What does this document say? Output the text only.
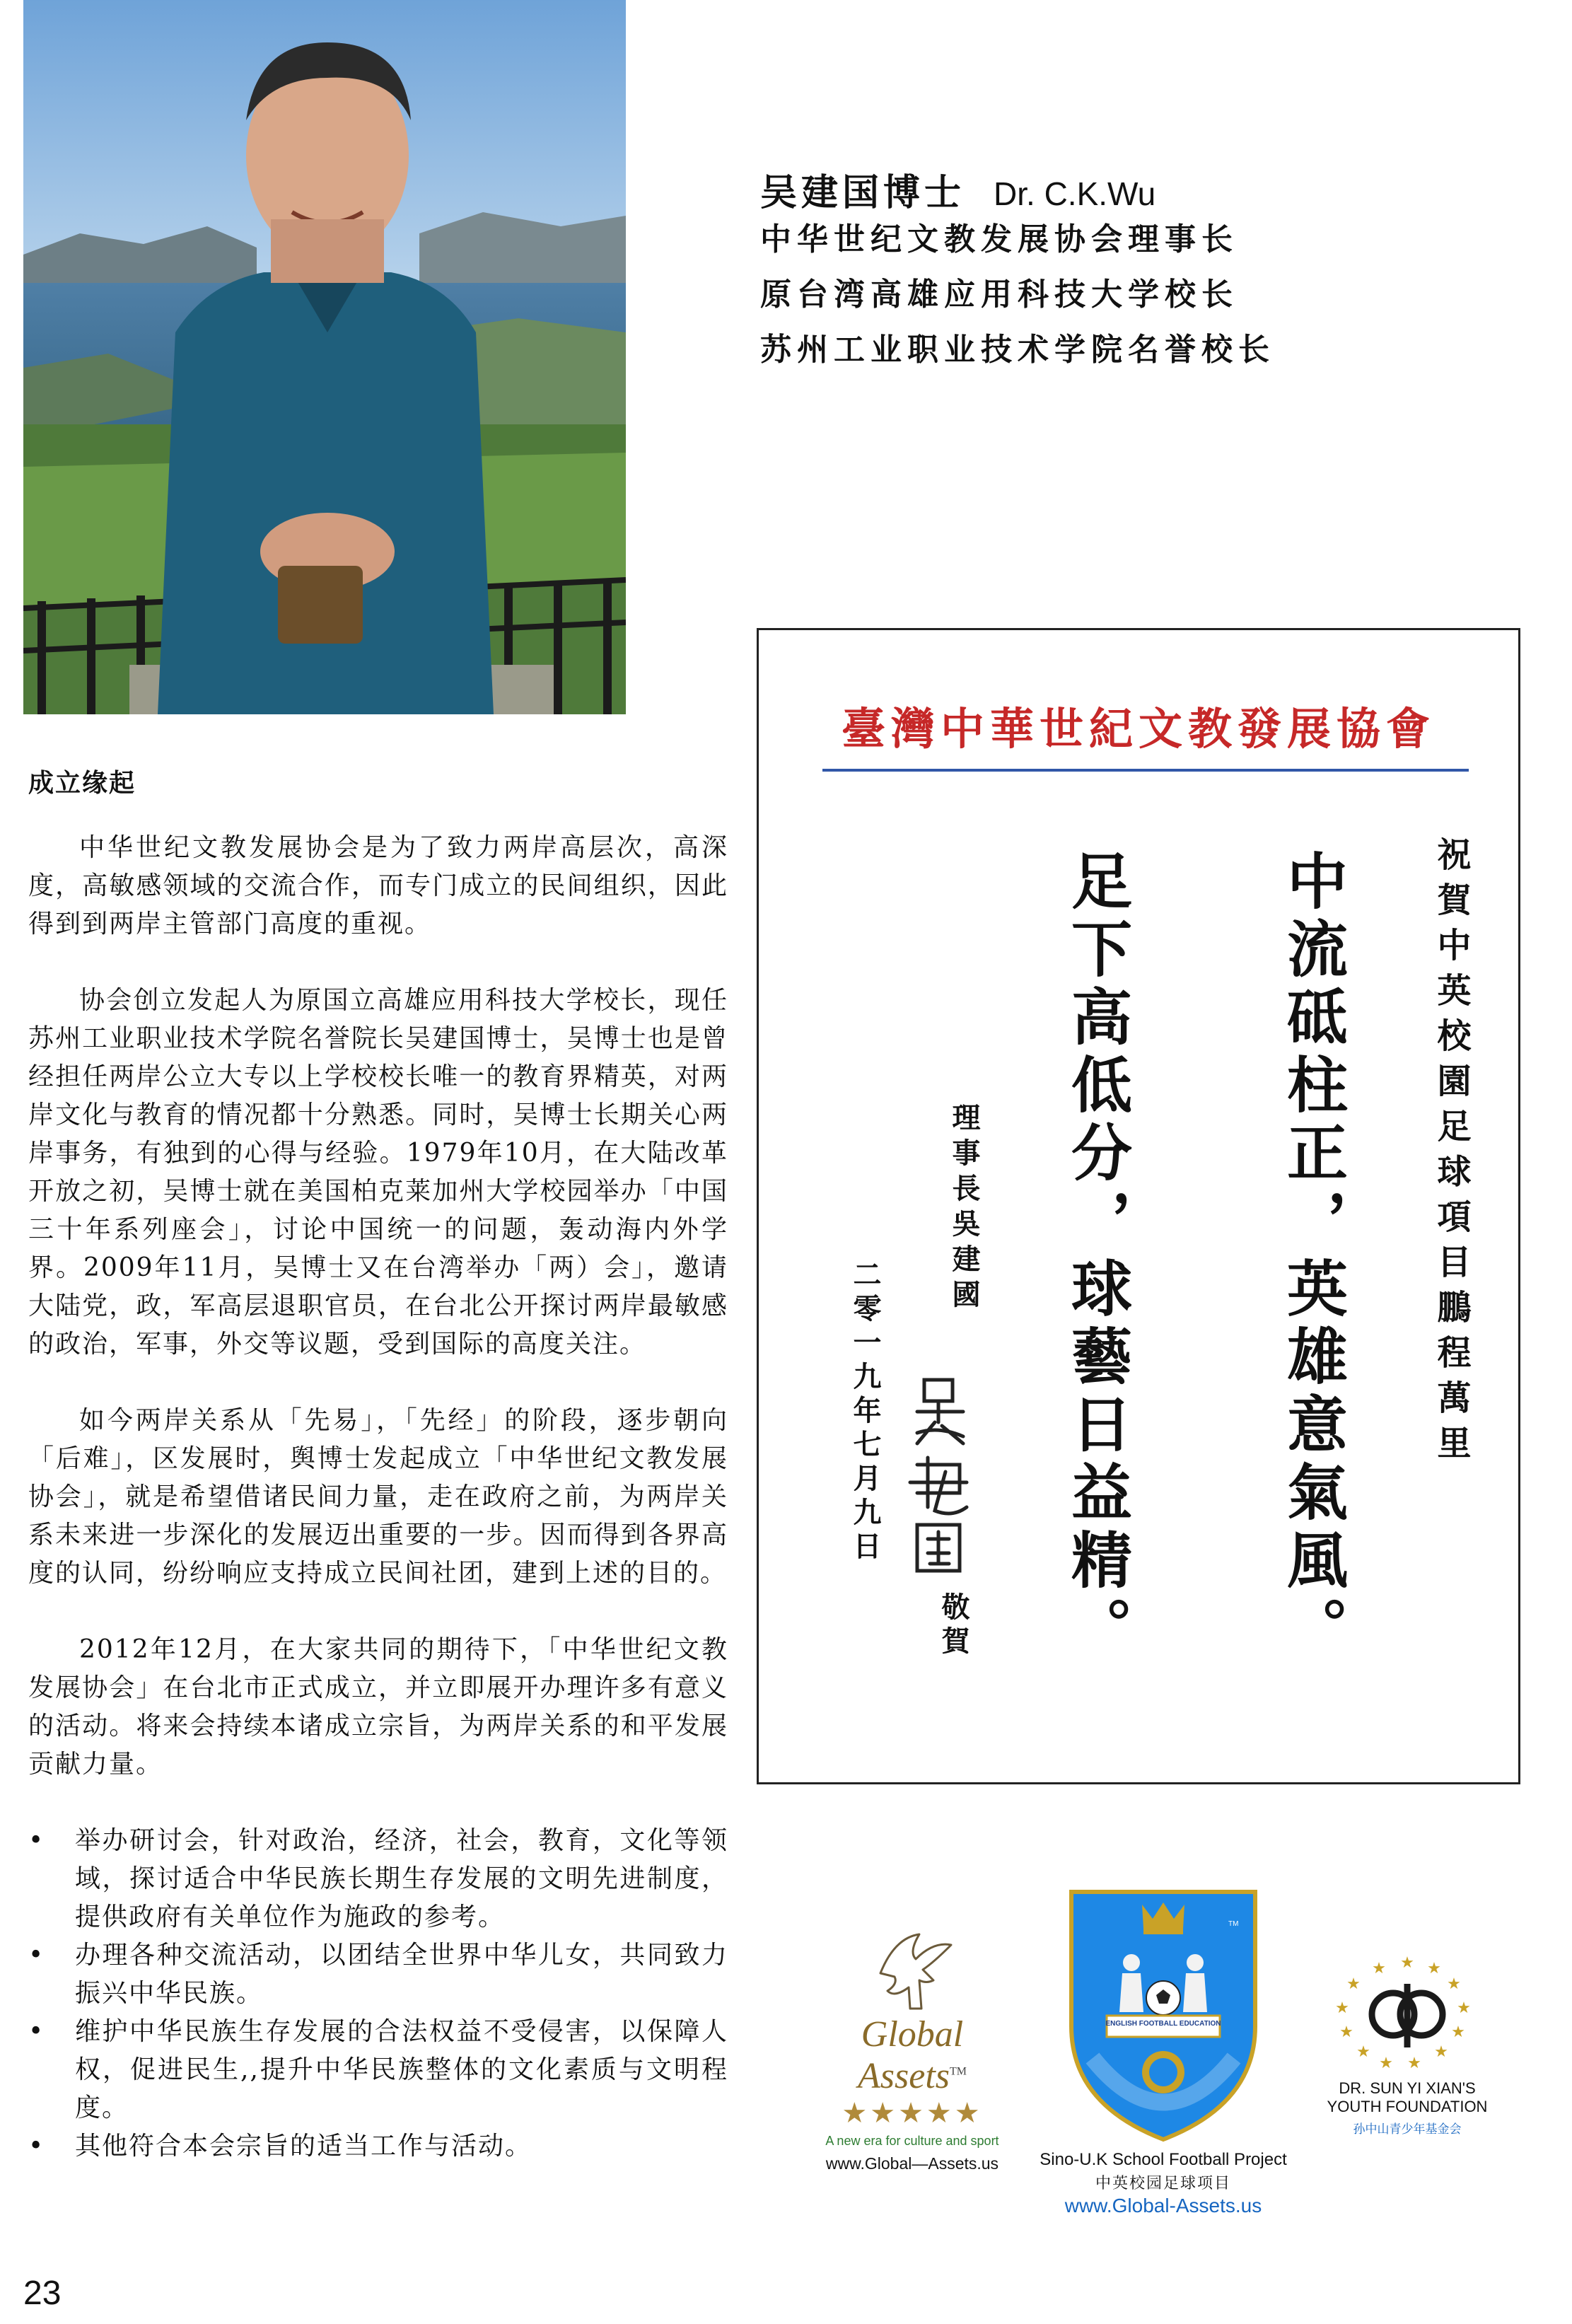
吴建国博士 Dr. C.K.Wu
中华世纪文教发展协会理事长
原台湾高雄应用科技大学校长
苏州工业职业技术学院名誉校长
成立缘起

中华世纪文教发展协会是为了致力两岸高层次，高深度，高敏感领域的交流合作，而专门成立的民间组织，因此得到到两岸主管部门高度的重视。

协会创立发起人为原国立高雄应用科技大学校长，现任苏州工业职业技术学院名誉院长吴建国博士，吴博士也是曾经担任两岸公立大专以上学校校长唯一的教育界精英，对两岸文化与教育的情况都十分熟悉。同时，吴博士长期关心两岸事务，有独到的心得与经验。1979年10月，在大陆改革开放之初，吴博士就在美国柏克莱加州大学校园举办「中国三十年系列座会」，讨论中国统一的问题，轰动海内外学界。2009年11月，吴博士又在台湾举办「两）会」，邀请大陆党，政，军高层退职官员，在台北公开探讨两岸最敏感的政治，军事，外交等议题，受到国际的高度关注。

如今两岸关系从「先易」，「先经」的阶段，逐步朝向「后难」，区发展时，舆博士发起成立「中华世纪文教发展协会」，就是希望借诸民间力量，走在政府之前，为两岸关系未来进一步深化的发展迈出重要的一步。因而得到各界高度的认同，纷纷响应支持成立民间社团，建到上述的目的。

2012年12月，在大家共同的期待下，「中华世纪文教发展协会」在台北市正式成立，并立即展开办理许多有意义的活动。将来会持续本诸成立宗旨，为两岸关系的和平发展贡献力量。

• 举办研讨会，针对政治，经济，社会，教育，文化等领域，探讨适合中华民族长期生存发展的文明先进制度，提供政府有关单位作为施政的参考。
• 办理各种交流活动，以团结全世界中华儿女，共同致力振兴中华民族。
• 维护中华民族生存发展的合法权益不受侵害，以保障人权，促进民生,,提升中华民族整体的文化素质与文明程度。
• 其他符合本会宗旨的适当工作与活动。
臺灣中華世紀文教發展協會
祝賀中英校園足球項目鵬程萬里
中流砥柱正，英雄意氣風。
足下高低分，球藝日益精。
理事長吳建國
二零一九年七月九日
敬賀
Global Assets™
★★★★★
A new era for culture and sport
www.Global—Assets.us
ENGLISH FOOTBALL EDUCATION
TM
Sino-U.K School Football Project
中英校园足球项目
www.Global-Assets.us
★ ★
★
★
★
★
★
★
★
★
★
★
★
DR. SUN YI XIAN'S
YOUTH FOUNDATION
孙中山青少年基金会
23
